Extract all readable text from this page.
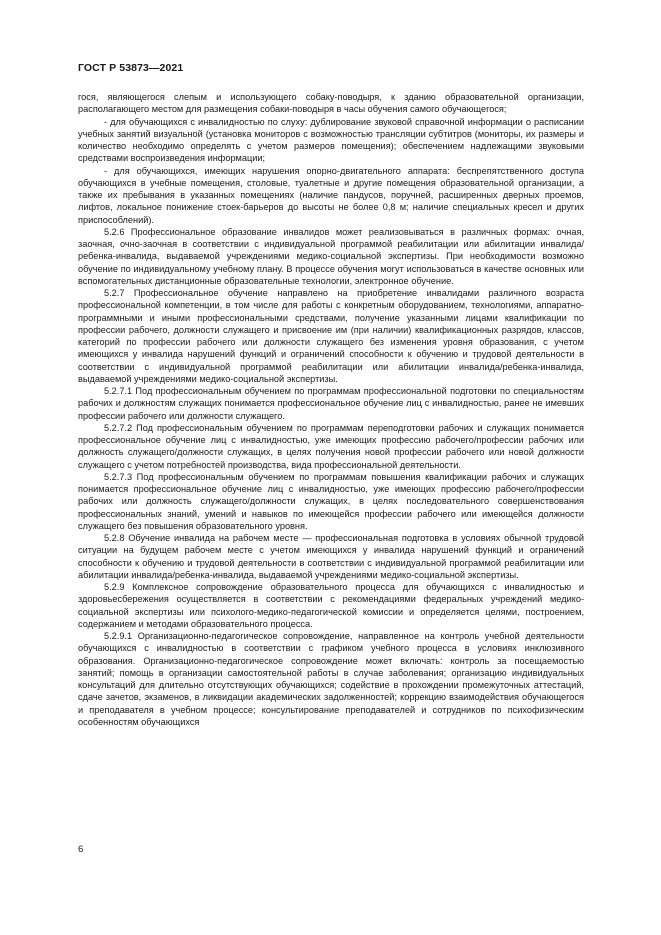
ГОСТ Р 53873—2021

гося, являющегося слепым и использующего собаку-поводыря, к зданию образовательной организации, располагающего местом для размещения собаки-поводыря в часы обучения самого обучающегося;

- для обучающихся с инвалидностью по слуху: дублирование звуковой справочной информации о расписании учебных занятий визуальной (установка мониторов с возможностью трансляции субтитров (мониторы, их размеры и количество необходимо определять с учетом размеров помещения); обеспечением надлежащими звуковыми средствами воспроизведения информации;

- для обучающихся, имеющих нарушения опорно-двигательного аппарата: беспрепятственного доступа обучающихся в учебные помещения, столовые, туалетные и другие помещения образовательной организации, а также их пребывания в указанных помещениях (наличие пандусов, поручней, расширенных дверных проемов, лифтов, локальное понижение стоек-барьеров до высоты не более 0,8 м; наличие специальных кресел и других приспособлений).

5.2.6 Профессиональное образование инвалидов может реализовываться в различных формах: очная, заочная, очно-заочная в соответствии с индивидуальной программой реабилитации или абилитации инвалида/ребенка-инвалида, выдаваемой учреждениями медико-социальной экспертизы. При необходимости возможно обучение по индивидуальному учебному плану. В процессе обучения могут использоваться в качестве основных или вспомогательных дистанционные образовательные технологии, электронное обучение.

5.2.7 Профессиональное обучение направлено на приобретение инвалидами различного возраста профессиональной компетенции, в том числе для работы с конкретным оборудованием, технологиями, аппаратно-программными и иными профессиональными средствами, получение указанными лицами квалификации по профессии рабочего, должности служащего и присвоение им (при наличии) квалификационных разрядов, классов, категорий по профессии рабочего или должности служащего без изменения уровня образования, с учетом имеющихся у инвалида нарушений функций и ограничений способности к обучению и трудовой деятельности в соответствии с индивидуальной программой реабилитации или абилитации инвалида/ребенка-инвалида, выдаваемой учреждениями медико-социальной экспертизы.

5.2.7.1 Под профессиональным обучением по программам профессиональной подготовки по специальностям рабочих и должностям служащих понимается профессиональное обучение лиц с инвалидностью, ранее не имевших профессии рабочего или должности служащего.

5.2.7.2 Под профессиональным обучением по программам переподготовки рабочих и служащих понимается профессиональное обучение лиц с инвалидностью, уже имеющих профессию рабочего/профессии рабочих или должность служащего/должности служащих, в целях получения новой профессии рабочего или новой должности служащего с учетом потребностей производства, вида профессиональной деятельности.

5.2.7.3 Под профессиональным обучением по программам повышения квалификации рабочих и служащих понимается профессиональное обучение лиц с инвалидностью, уже имеющих профессию рабочего/профессии рабочих или должность служащего/должности служащих, в целях последовательного совершенствования профессиональных знаний, умений и навыков по имеющейся профессии рабочего или имеющейся должности служащего без повышения образовательного уровня.

5.2.8 Обучение инвалида на рабочем месте — профессиональная подготовка в условиях обычной трудовой ситуации на будущем рабочем месте с учетом имеющихся у инвалида нарушений функций и ограничений способности к обучению и трудовой деятельности в соответствии с индивидуальной программой реабилитации или абилитации инвалида/ребенка-инвалида, выдаваемой учреждениями медико-социальной экспертизы.

5.2.9 Комплексное сопровождение образовательного процесса для обучающихся с инвалидностью и здоровьесбережения осуществляется в соответствии с рекомендациями федеральных учреждений медико-социальной экспертизы или психолого-медико-педагогической комиссии и определяется целями, построением, содержанием и методами образовательного процесса.

5.2.9.1 Организационно-педагогическое сопровождение, направленное на контроль учебной деятельности обучающихся с инвалидностью в соответствии с графиком учебного процесса в условиях инклюзивного образования. Организационно-педагогическое сопровождение может включать: контроль за посещаемостью занятий; помощь в организации самостоятельной работы в случае заболевания; организацию индивидуальных консультаций для длительно отсутствующих обучающихся; содействие в прохождении промежуточных аттестаций, сдаче зачетов, экзаменов, в ликвидации академических задолженностей; коррекцию взаимодействия обучающегося и преподавателя в учебном процессе; консультирование преподавателей и сотрудников по психофизическим особенностям обучающихся

6
